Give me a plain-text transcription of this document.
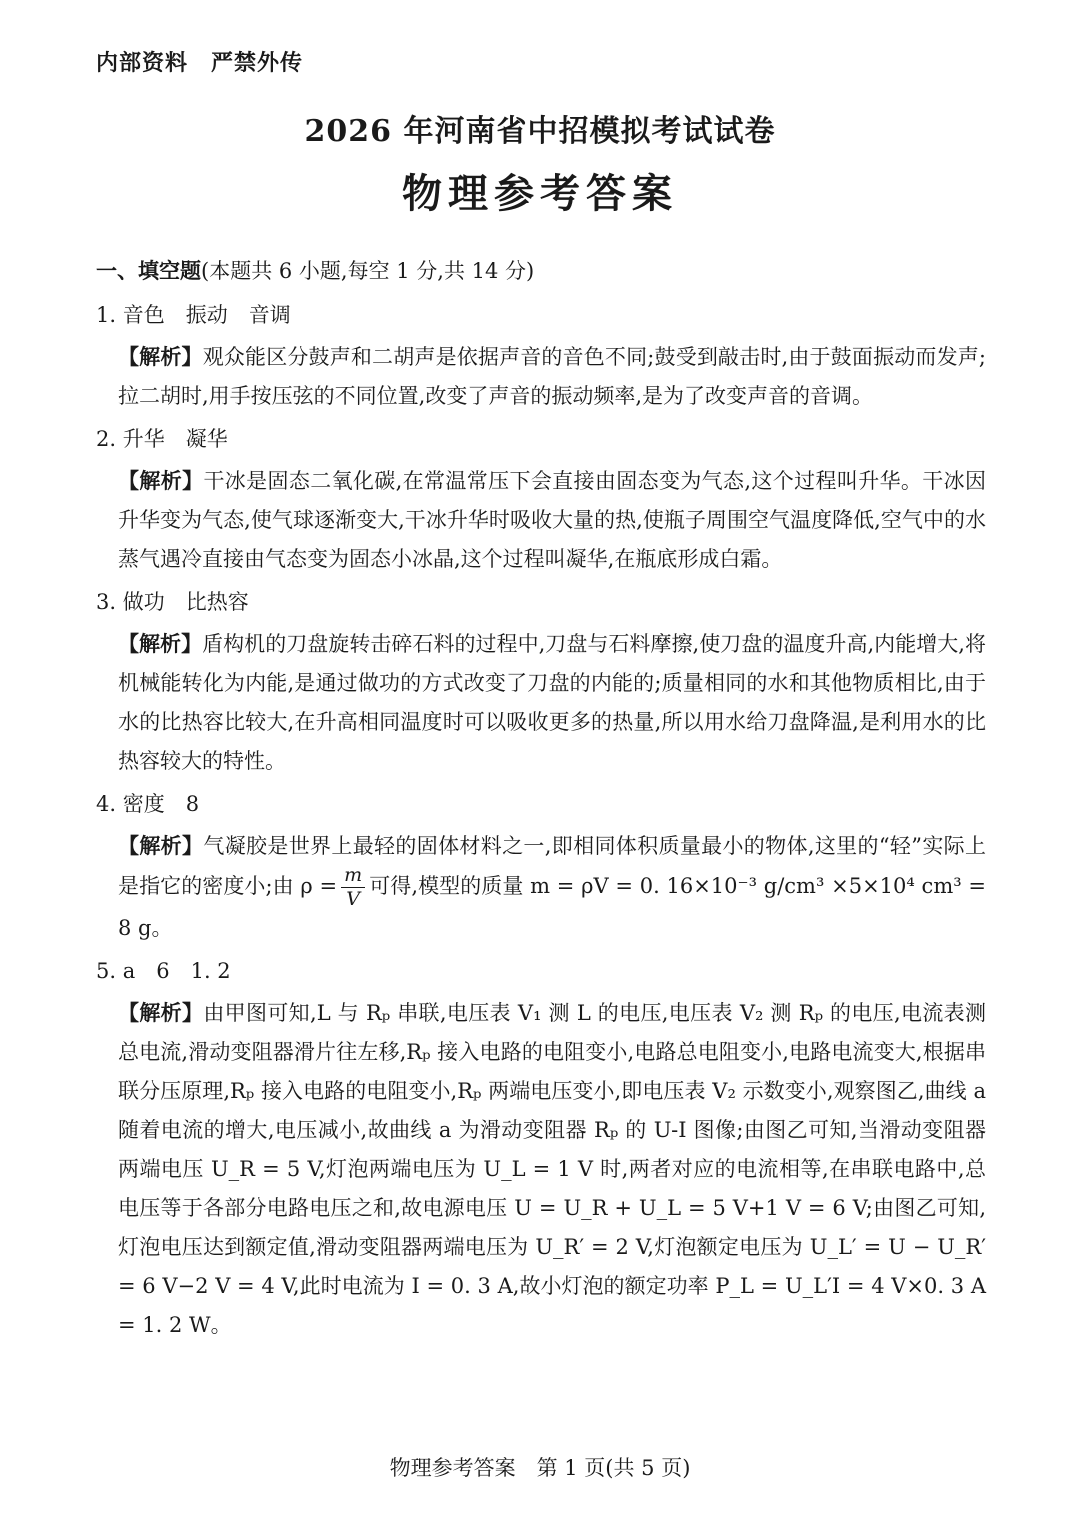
内部资料　严禁外传
2026 年河南省中招模拟考试试卷
物理参考答案
一、填空题(本题共 6 小题,每空 1 分,共 14 分)
1. 音色　振动　音调
【解析】观众能区分鼓声和二胡声是依据声音的音色不同;鼓受到敲击时,由于鼓面振动而发声;拉二胡时,用手按压弦的不同位置,改变了声音的振动频率,是为了改变声音的音调。
2. 升华　凝华
【解析】干冰是固态二氧化碳,在常温常压下会直接由固态变为气态,这个过程叫升华。干冰因升华变为气态,使气球逐渐变大,干冰升华时吸收大量的热,使瓶子周围空气温度降低,空气中的水蒸气遇冷直接由气态变为固态小冰晶,这个过程叫凝华,在瓶底形成白霜。
3. 做功　比热容
【解析】盾构机的刀盘旋转击碎石料的过程中,刀盘与石料摩擦,使刀盘的温度升高,内能增大,将机械能转化为内能,是通过做功的方式改变了刀盘的内能的;质量相同的水和其他物质相比,由于水的比热容比较大,在升高相同温度时可以吸收更多的热量,所以用水给刀盘降温,是利用水的比热容较大的特性。
4. 密度　8
【解析】气凝胶是世界上最轻的固体材料之一,即相同体积质量最小的物体,这里的“轻”实际上是指它的密度小;由 $\rho = \frac{m}{V}$ 可得,模型的质量 m = ρV = 0. 16×10⁻³ g/cm³ ×5×10⁴ cm³ = 8 g。
5. a　6　1. 2
【解析】由甲图可知,L 与 Rₚ 串联,电压表 V₁ 测 L 的电压,电压表 V₂ 测 Rₚ 的电压,电流表测总电流,滑动变阻器滑片往左移,Rₚ 接入电路的电阻变小,电路总电阻变小,电路电流变大,根据串联分压原理,Rₚ 接入电路的电阻变小,Rₚ 两端电压变小,即电压表 V₂ 示数变小,观察图乙,曲线 a 随着电流的增大,电压减小,故曲线 a 为滑动变阻器 Rₚ 的 U-I 图像;由图乙可知,当滑动变阻器两端电压 U_R = 5 V,灯泡两端电压为 U_L = 1 V 时,两者对应的电流相等,在串联电路中,总电压等于各部分电路电压之和,故电源电压 U = U_R + U_L = 5 V+1 V = 6 V;由图乙可知,灯泡电压达到额定值,滑动变阻器两端电压为 U_R′ = 2 V,灯泡额定电压为 U_L′ = U − U_R′ = 6 V−2 V = 4 V,此时电流为 I = 0. 3 A,故小灯泡的额定功率 P_L = U_L′I = 4 V×0. 3 A = 1. 2 W。
物理参考答案　第 1 页(共 5 页)
